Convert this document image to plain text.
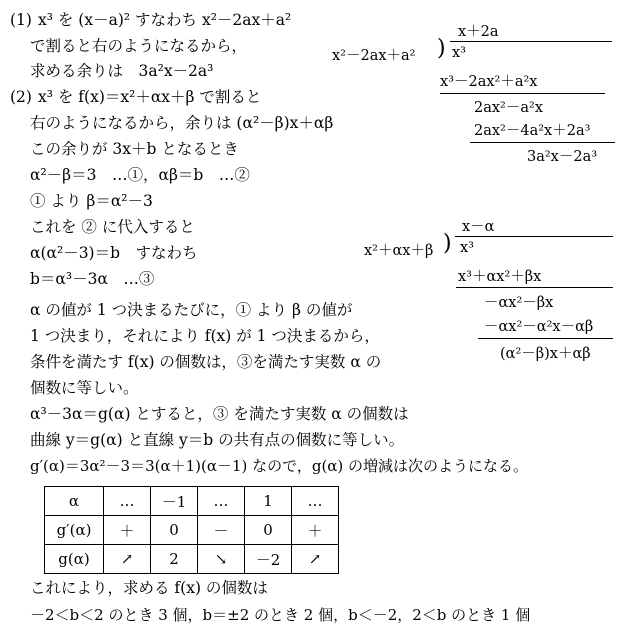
(1) x³ を (x－a)² すなわち x²－2ax＋a²
で割ると右のようになるから，
求める余りは　3a²x－2a³
x＋2a
x²－2ax＋a² ) x³
x³－2ax²＋a²x
2ax²－a²x
2ax²－4a²x＋2a³
3a²x－2a³
(2) x³ を f(x)＝x²＋αx＋β で割ると
右のようになるから，余りは (α²－β)x＋αβ
この余りが 3x＋b となるとき
α²－β＝3　…①，αβ＝b　…②
① より β＝α²－3
これを ② に代入すると
α(α²－3)＝b　すなわち
b＝α³－3α　…③
α の値が 1 つ決まるたびに，① より β の値が
1 つ決まり，それにより f(x) が 1 つ決まるから，
条件を満たす f(x) の個数は，③を満たす実数 α の
個数に等しい。
α³－3α＝g(α) とすると，③ を満たす実数 α の個数は
曲線 y＝g(α) と直線 y＝b の共有点の個数に等しい。
g′(α)＝3α²－3＝3(α＋1)(α－1) なので，g(α) の増減は次のようになる。
x－α
x²＋αx＋β ) x³
x³＋αx²＋βx
－αx²－βx
－αx²－α²x－αβ
(α²－β)x＋αβ
α	…	－1	…	1	…
g′(α)	＋	0	－	0	＋
g(α)	↗	2	↘	－2	↗
これにより，求める f(x) の個数は
－2＜b＜2 のとき 3 個，b＝±2 のとき 2 個，b＜－2，2＜b のとき 1 個
